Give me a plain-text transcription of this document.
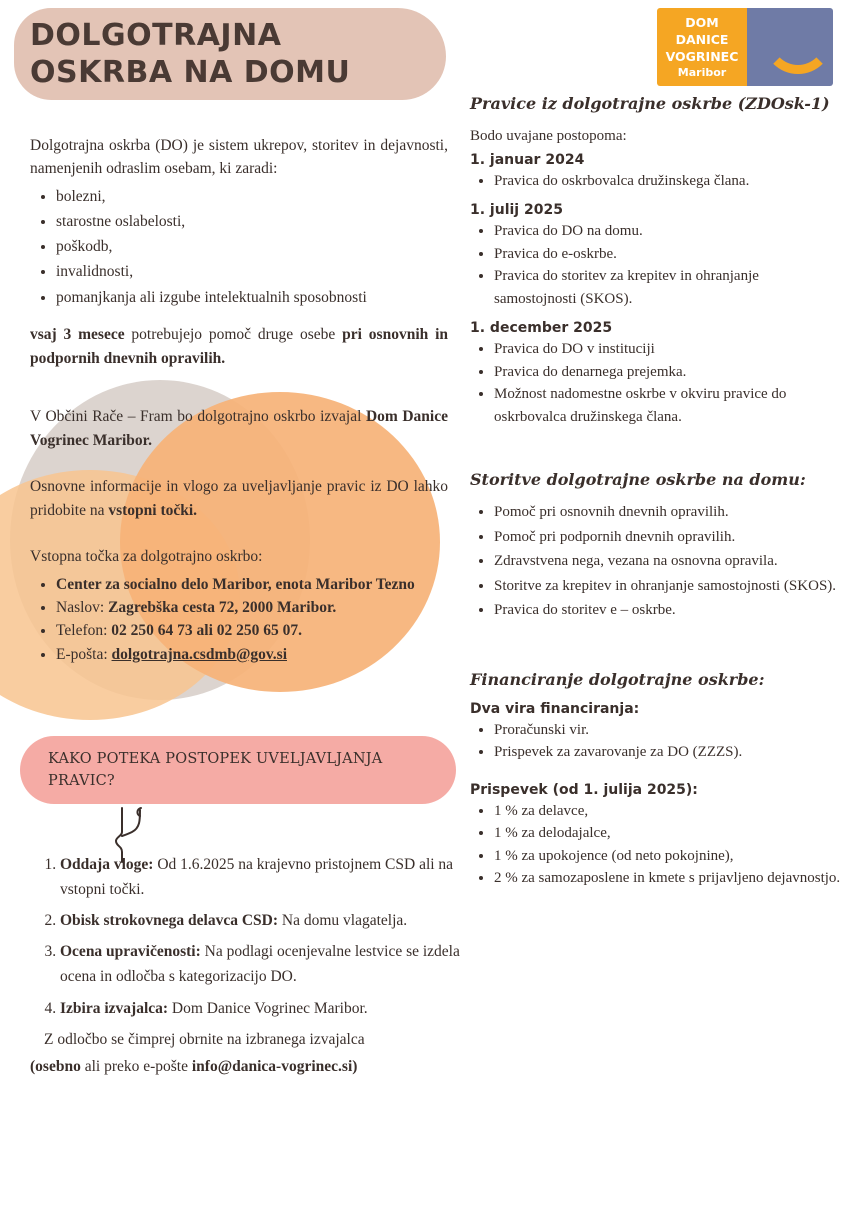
DOLGOTRAJNA
OSKRBA NA DOMU
DOM
DANICE
VOGRINEC
Maribor

Dolgotrajna oskrba (DO) je sistem ukrepov, storitev in dejavnosti, namenjenih odraslim osebam, ki zaradi:

• bolezni,
• starostne oslabelosti,
• poškodb,
• invalidnosti,
• pomanjkanja ali izgube intelektualnih sposobnosti

vsaj 3 mesece potrebujejo pomoč druge osebe pri osnovnih in podpornih dnevnih opravilih.

V Občini Rače – Fram bo dolgotrajno oskrbo izvajal Dom Danice Vogrinec Maribor.

Osnovne informacije in vlogo za uveljavljanje pravic iz DO lahko pridobite na vstopni točki.

Vstopna točka za dolgotrajno oskrbo:

• Center za socialno delo Maribor, enota Maribor Tezno
• Naslov: Zagrebška cesta 72, 2000 Maribor.
• Telefon: 02 250 64 73 ali 02 250 65 07.
• E-pošta: dolgotrajna.csdmb@gov.si
KAKO POTEKA POSTOPEK UVELJAVLJANJA
PRAVIC?
1. Oddaja vloge: Od 1.6.2025 na krajevno pristojnem CSD ali na vstopni točki.
2. Obisk strokovnega delavca CSD: Na domu vlagatelja.
3. Ocena upravičenosti: Na podlagi ocenjevalne lestvice se izdela ocena in odločba s kategorizacijo DO.
4. Izbira izvajalca: Dom Danice Vogrinec Maribor.
Z odločbo se čimprej obrnite na izbranega izvajalca
(osebno ali preko e-pošte info@danica-vogrinec.si)
Pravice iz dolgotrajne oskrbe (ZDOsk-1)

Bodo uvajane postopoma:

1. januar 2024
• Pravica do oskrbovalca družinskega člana.
1. julij 2025
• Pravica do DO na domu.
• Pravica do e-oskrbe.
• Pravica do storitev za krepitev in ohranjanje samostojnosti (SKOS).
1. december 2025
• Pravica do DO v instituciji
• Pravica do denarnega prejemka.
• Možnost nadomestne oskrbe v okviru pravice do oskrbovalca družinskega člana.
Storitve dolgotrajne oskrbe na domu:
• Pomoč pri osnovnih dnevnih opravilih.
• Pomoč pri podpornih dnevnih opravilih.
• Zdravstvena nega, vezana na osnovna opravila.
• Storitve za krepitev in ohranjanje samostojnosti (SKOS).
• Pravica do storitev e – oskrbe.
Financiranje dolgotrajne oskrbe:
Dva vira financiranja:
• Proračunski vir.
• Prispevek za zavarovanje za DO (ZZZS).
Prispevek (od 1. julija 2025):
• 1 % za delavce,
• 1 % za delodajalce,
• 1 % za upokojence (od neto pokojnine),
• 2 % za samozaposlene in kmete s prijavljeno dejavnostjo.
